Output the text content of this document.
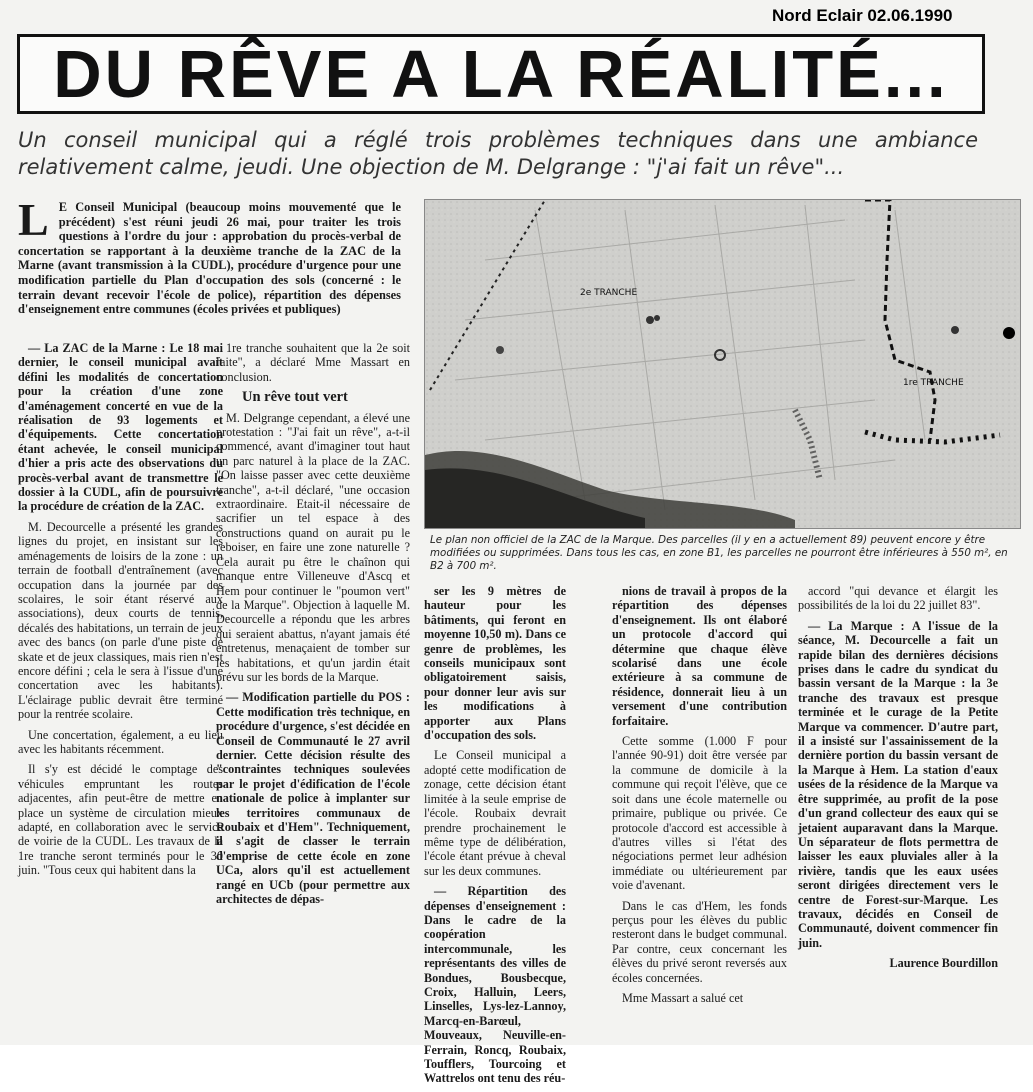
Nord Eclair 02.06.1990
DU RÊVE A LA RÉALITÉ...
Un conseil municipal qui a réglé trois problèmes techniques dans une ambiance relativement calme, jeudi. Une objection de M. Delgrange : "j'ai fait un rêve"...
L E Conseil Municipal (beaucoup moins mouvementé que le précédent) s'est réuni jeudi 26 mai, pour traiter les trois questions à l'ordre du jour : approbation du procès-verbal de concertation se rapportant à la deuxième tranche de la ZAC de la Marne (avant transmission à la CUDL), procédure d'urgence pour une modification partielle du Plan d'occupation des sols (concerné : le terrain devant recevoir l'école de police), répartition des dépenses d'enseignement entre communes (écoles privées et publiques)

— La ZAC de la Marne : Le 18 mai dernier, le conseil municipal avait défini les modalités de concertation pour la création d'une zone d'aménagement concerté en vue de la réalisation de 93 logements et d'équipements. Cette concertation étant achevée, le conseil municipal d'hier a pris acte des observations du procès-verbal avant de transmettre le dossier à la CUDL, afin de poursuivre la procédure de création de la ZAC.

M. Decourcelle a présenté les grandes lignes du projet, en insistant sur les aménagements de loisirs de la zone : un terrain de football d'entraînement (avec occupation dans la journée par des scolaires, le soir étant réservé aux associations), deux courts de tennis, décalés des habitations, un terrain de jeux avec des bancs (on parle d'une piste de skate et de jeux classiques, mais rien n'est encore défini ; cela le sera à l'issue d'une concertation avec les habitants). L'éclairage public devrait être terminé pour la rentrée scolaire.

Une concertation, également, a eu lieu avec les habitants récemment.

Il s'y est décidé le comptage des véhicules empruntant les routes adjacentes, afin peut-être de mettre en place un système de circulation mieux adapté, en collaboration avec le service de voirie de la CUDL. Les travaux de la 1re tranche seront terminés pour le 30 juin. "Tous ceux qui habitent dans la

1re tranche souhaitent que la 2e soit faite", a déclaré Mme Massart en conclusion.

Un rêve tout vert

M. Delgrange cependant, a élevé une protestation : "J'ai fait un rêve", a-t-il commencé, avant d'imaginer tout haut un parc naturel à la place de la ZAC. "On laisse passer avec cette deuxième tranche", a-t-il déclaré, "une occasion extraordinaire. Etait-il nécessaire de sacrifier un tel espace à des constructions quand on aurait pu le reboiser, en faire une zone naturelle ? Cela aurait pu être le chaînon qui manque entre Villeneuve d'Ascq et Hem pour continuer le "poumon vert" de la Marque". Objection à laquelle M. Decourcelle a répondu que les arbres qui seraient abattus, n'ayant jamais été entretenus, menaçaient de tomber sur les habitations, et qu'un jardin était prévu sur les bords de la Marque.

— Modification partielle du POS : Cette modification très technique, en procédure d'urgence, s'est décidée en Conseil de Communauté le 27 avril dernier. Cette décision résulte des "contraintes techniques soulevées par le projet d'édification de l'école nationale de police à implanter sur les territoires communaux de Roubaix et d'Hem". Techniquement, il s'agit de classer le terrain d'emprise de cette école en zone UCa, alors qu'il est actuellement rangé en UCb (pour permettre aux architectes de dépas-

2e TRANCHE
1re TRANCHE
Le plan non officiel de la ZAC de la Marque. Des parcelles (il y en a actuellement 89) peuvent encore y être modifiées ou supprimées. Dans tous les cas, en zone B1, les parcelles ne pourront être inférieures à 550 m², en B2 à 700 m².

ser les 9 mètres de hauteur pour les bâtiments, qui feront en moyenne 10,50 m). Dans ce genre de problèmes, les conseils municipaux sont obligatoirement saisis, pour donner leur avis sur les modifications à apporter aux Plans d'occupation des sols.

Le Conseil municipal a adopté cette modification de zonage, cette décision étant limitée à la seule emprise de l'école. Roubaix devrait prendre prochainement le même type de délibération, l'école étant prévue à cheval sur les deux communes.

— Répartition des dépenses d'enseignement : Dans le cadre de la coopération intercommunale, les représentants des villes de Bondues, Bousbecque, Croix, Halluin, Leers, Linselles, Lys-lez-Lannoy, Marcq-en-Barœul, Mouveaux, Neuville-en-Ferrain, Roncq, Roubaix, Toufflers, Tourcoing et Wattrelos ont tenu des réu-

nions de travail à propos de la répartition des dépenses d'enseignement. Ils ont élaboré un protocole d'accord qui détermine que chaque élève scolarisé dans une école extérieure à sa commune de résidence, donnerait lieu à un versement d'une contribution forfaitaire.

Cette somme (1.000 F pour l'année 90-91) doit être versée par la commune de domicile à la commune qui reçoit l'élève, que ce soit dans une école maternelle ou primaire, publique ou privée. Ce protocole d'accord est accessible à d'autres villes si l'état des négociations permet leur adhésion immédiate ou ultérieurement par voie d'avenant.

Dans le cas d'Hem, les fonds perçus pour les élèves du public resteront dans le budget communal. Par contre, ceux concernant les élèves du privé seront reversés aux écoles concernées.

Mme Massart a salué cet

accord "qui devance et élargit les possibilités de la loi du 22 juillet 83".

— La Marque : A l'issue de la séance, M. Decourcelle a fait un rapide bilan des dernières décisions prises dans le cadre du syndicat du bassin versant de la Marque : la 3e tranche des travaux est presque terminée et le curage de la Petite Marque va commencer. D'autre part, il a insisté sur l'assainissement de la dernière portion du bassin versant de la Marque à Hem. La station d'eaux usées de la résidence de la Marque va être supprimée, au profit de la pose d'un grand collecteur des eaux qui se jetaient auparavant dans la Marque. Un séparateur de flots permettra de laisser les eaux pluviales aller à la rivière, tandis que les eaux usées seront dirigées directement vers le centre de Forest-sur-Marque. Les travaux, décidés en Conseil de Communauté, doivent commencer fin juin.

Laurence Bourdillon
